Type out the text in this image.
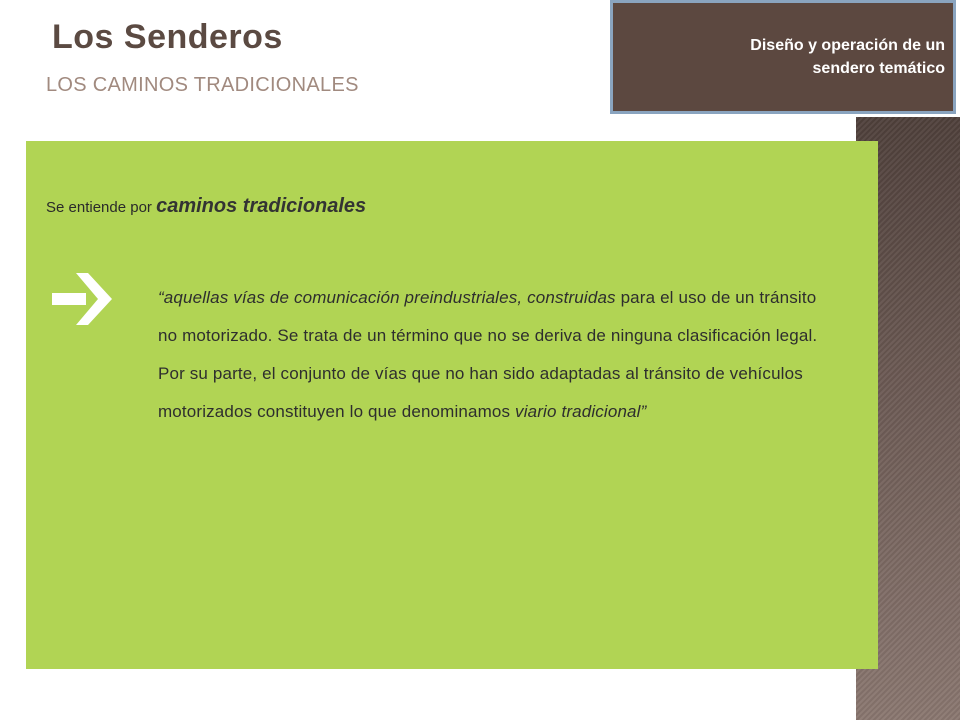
Los Senderos
LOS CAMINOS TRADICIONALES
Diseño y operación de un
sendero temático
Se entiende por caminos tradicionales
“aquellas vías de comunicación preindustriales, construidas para el uso de un tránsito no motorizado. Se trata de un término que no se deriva de ninguna clasificación legal. Por su parte, el conjunto de vías que no han sido adaptadas al tránsito de vehículos motorizados constituyen lo que denominamos viario tradicional”
